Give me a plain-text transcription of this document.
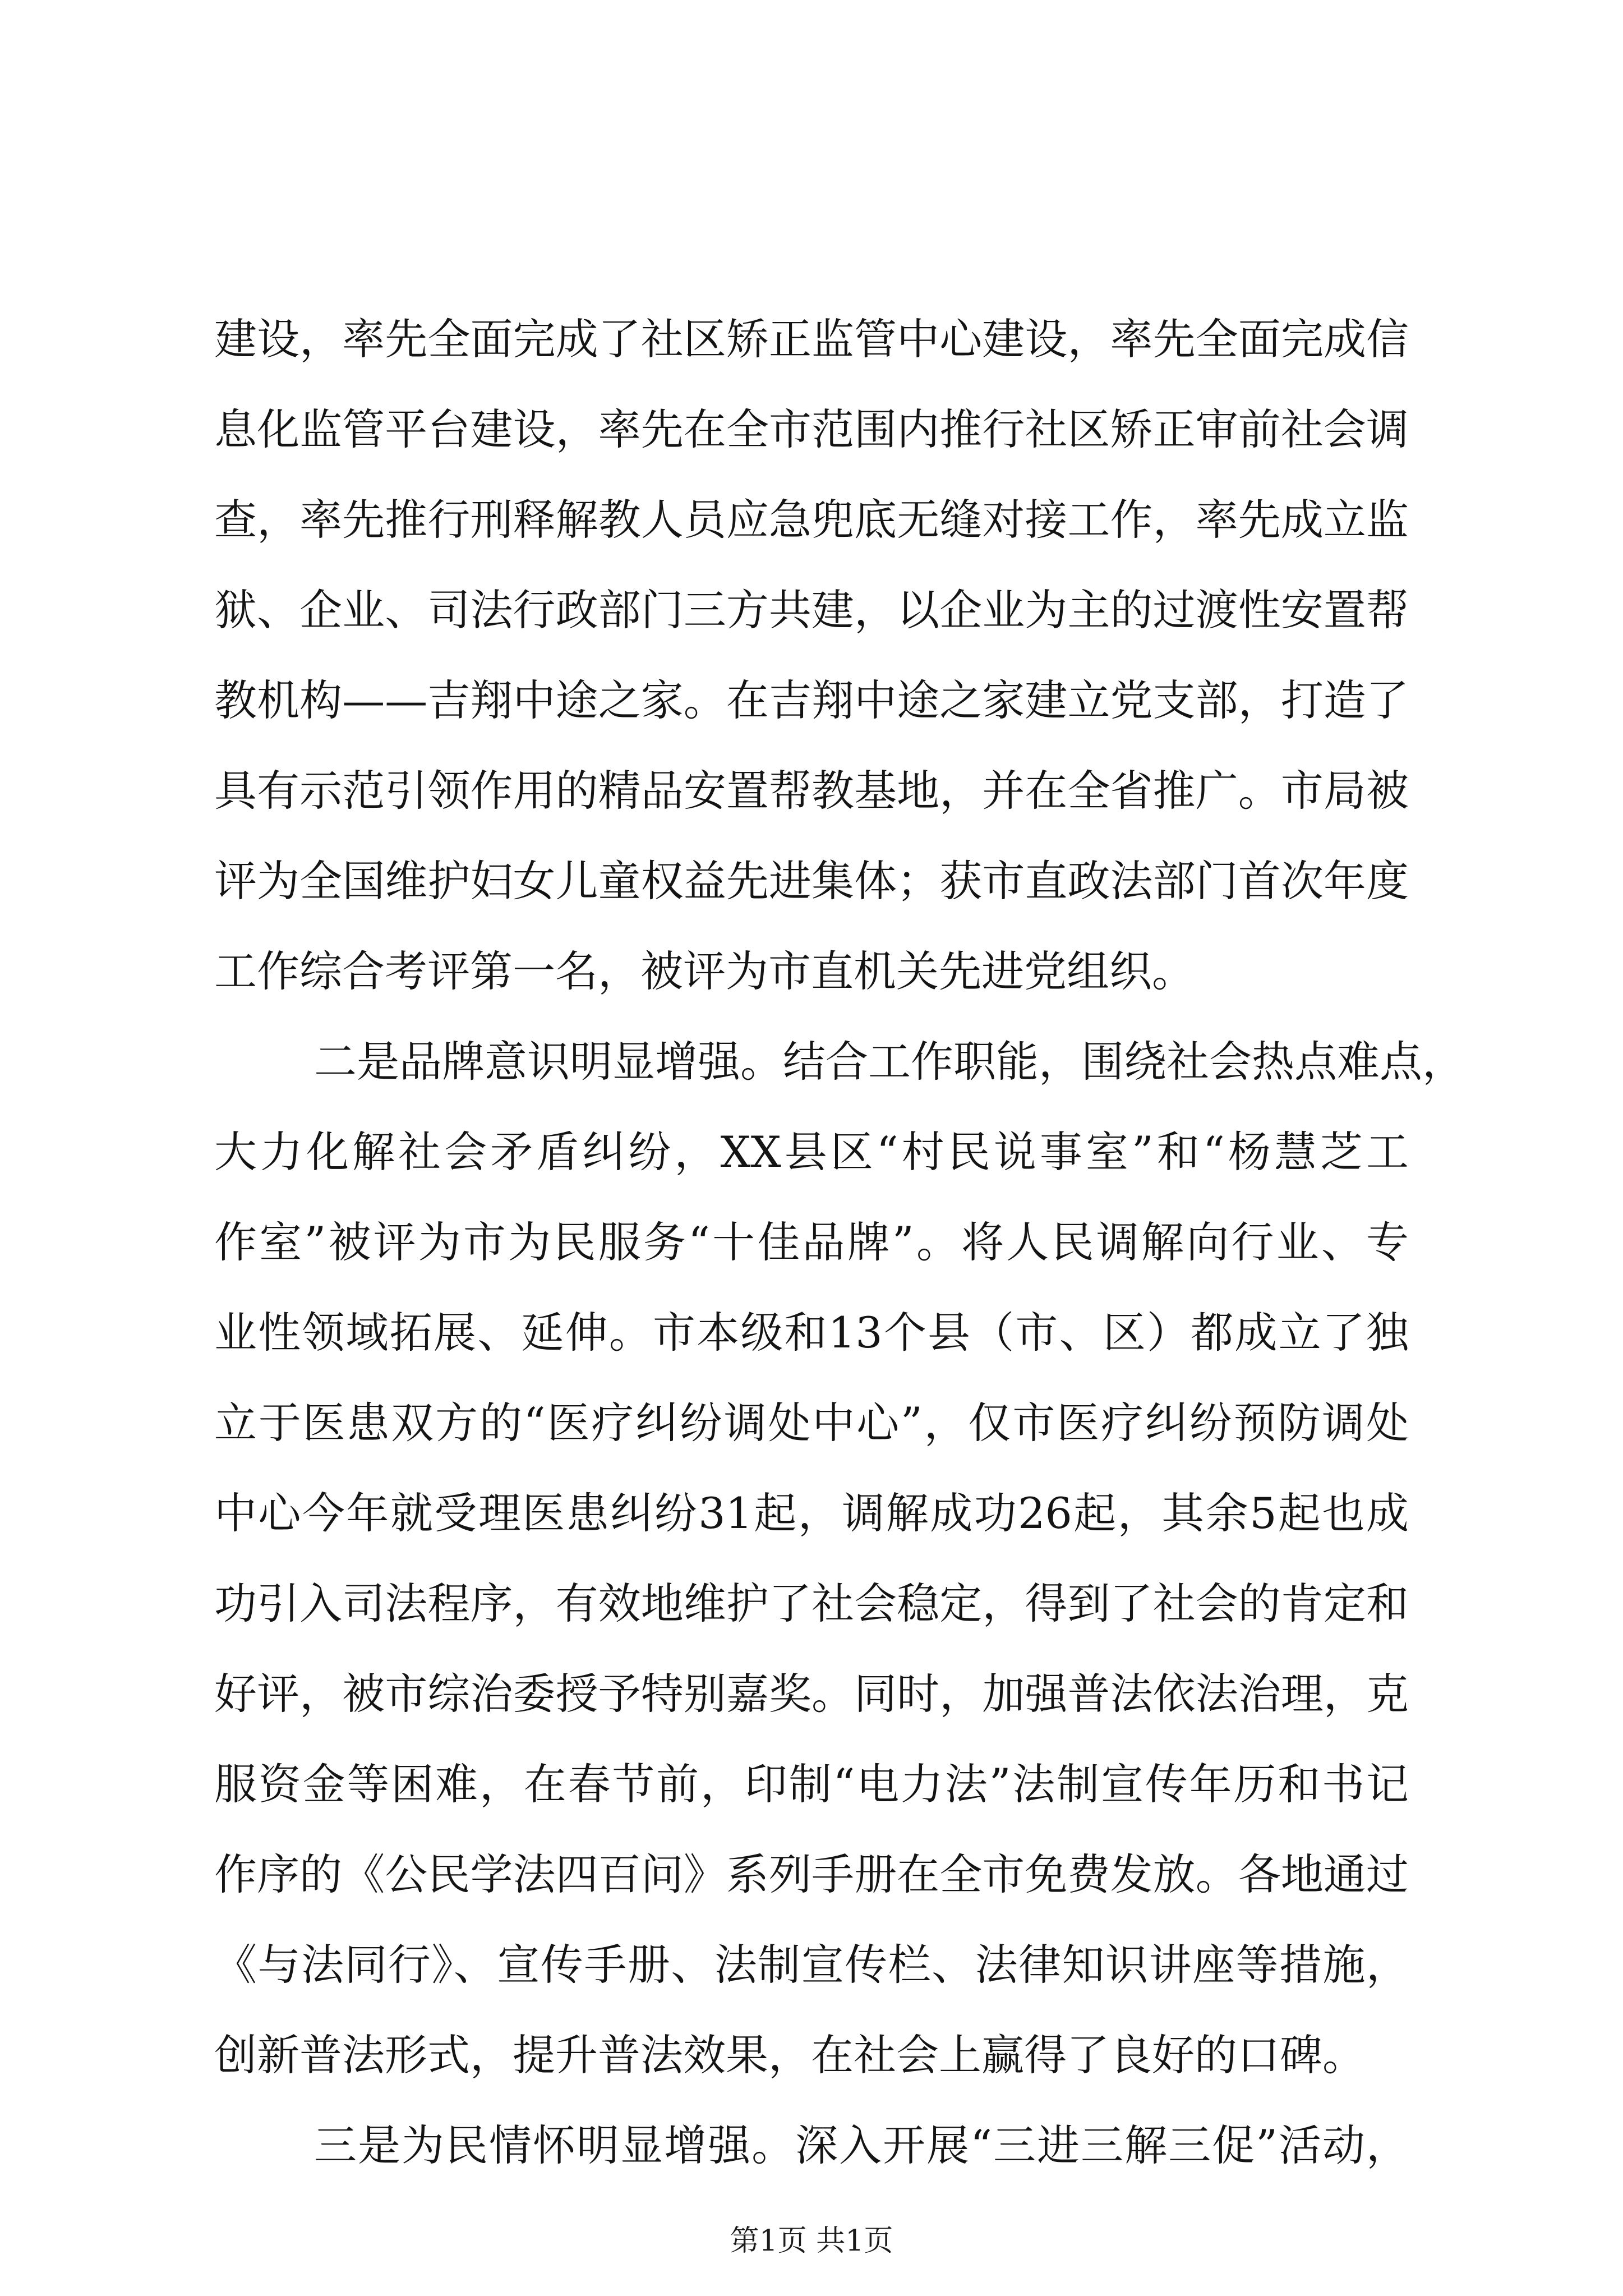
建设，率先全面完成了社区矫正监管中心建设，率先全面完成信
息化监管平台建设，率先在全市范围内推行社区矫正审前社会调
查，率先推行刑释解教人员应急兜底无缝对接工作，率先成立监
狱、企业、司法行政部门三方共建，以企业为主的过渡性安置帮
教机构——吉翔中途之家。在吉翔中途之家建立党支部，打造了
具有示范引领作用的精品安置帮教基地，并在全省推广。市局被
评为全国维护妇女儿童权益先进集体；获市直政法部门首次年度
工作综合考评第一名，被评为市直机关先进党组织。
二是品牌意识明显增强。结合工作职能，围绕社会热点难点，
大力化解社会矛盾纠纷，XX县区“村民说事室”和“杨慧芝工
作室”被评为市为民服务“十佳品牌”。将人民调解向行业、专
业性领域拓展、延伸。市本级和13个县（市、区）都成立了独
立于医患双方的“医疗纠纷调处中心”，仅市医疗纠纷预防调处
中心今年就受理医患纠纷31起，调解成功26起，其余5起也成
功引入司法程序，有效地维护了社会稳定，得到了社会的肯定和
好评，被市综治委授予特别嘉奖。同时，加强普法依法治理，克
服资金等困难，在春节前，印制“电力法”法制宣传年历和书记
作序的《公民学法四百问》系列手册在全市免费发放。各地通过
《与法同行》、宣传手册、法制宣传栏、法律知识讲座等措施，
创新普法形式，提升普法效果，在社会上赢得了良好的口碑。
三是为民情怀明显增强。深入开展“三进三解三促”活动，
第1页 共1页
